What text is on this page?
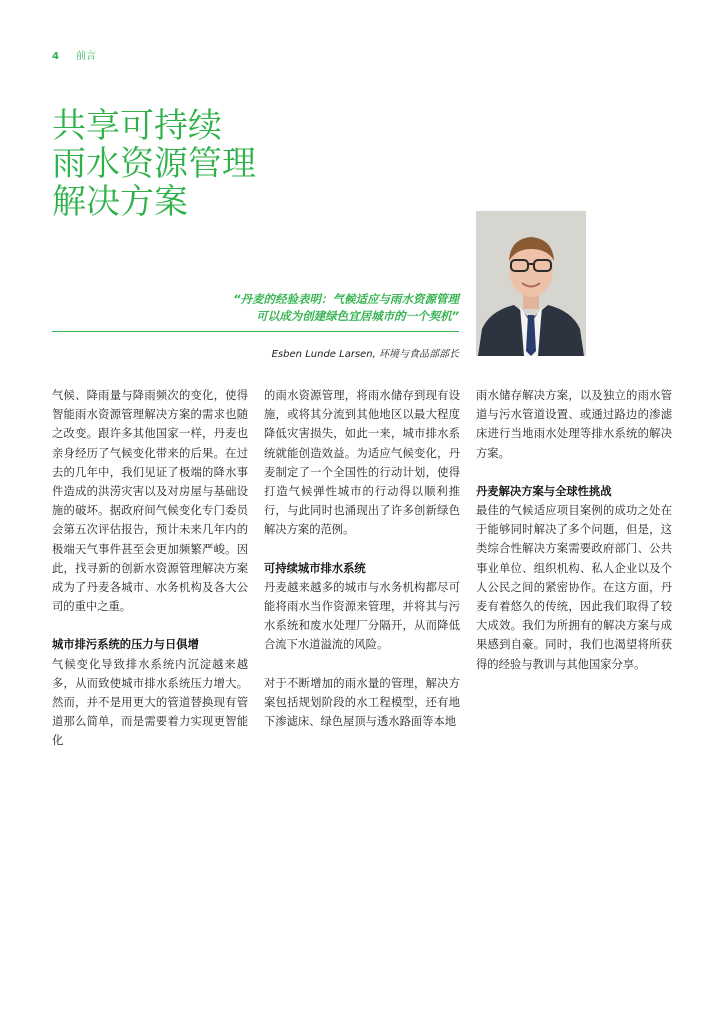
4 前言
共享可持续
雨水资源管理
解决方案
“丹麦的经验表明：气候适应与雨水资源管理
可以成为创建绿色宜居城市的一个契机”
Esben Lunde Larsen, 环境与食品部部长

气候、降雨量与降雨频次的变化，使得智能雨水资源管理解决方案的需求也随之改变。跟许多其他国家一样，丹麦也亲身经历了气候变化带来的后果。在过去的几年中，我们见证了极端的降水事件造成的洪涝灾害以及对房屋与基础设施的破坏。据政府间气候变化专门委员会第五次评估报告，预计未来几年内的极端天气事件甚至会更加频繁严峻。因此，找寻新的创新水资源管理解决方案成为了丹麦各城市、水务机构及各大公司的重中之重。

城市排污系统的压力与日俱增

气候变化导致排水系统内沉淀越来越多，从而致使城市排水系统压力增大。然而，并不是用更大的管道替换现有管道那么简单，而是需要着力实现更智能化

的雨水资源管理，将雨水储存到现有设施，或将其分流到其他地区以最大程度降低灾害损失，如此一来，城市排水系统就能创造效益。为适应气候变化，丹麦制定了一个全国性的行动计划，使得打造气候弹性城市的行动得以顺利推行，与此同时也涌现出了许多创新绿色解决方案的范例。

可持续城市排水系统

丹麦越来越多的城市与水务机构都尽可能将雨水当作资源来管理，并将其与污水系统和废水处理厂分隔开，从而降低合流下水道溢流的风险。

对于不断增加的雨水量的管理，解决方案包括规划阶段的水工程模型，还有地下渗滤床、绿色屋顶与透水路面等本地

雨水储存解决方案，以及独立的雨水管道与污水管道设置、或通过路边的渗滤床进行当地雨水处理等排水系统的解决方案。

丹麦解决方案与全球性挑战

最佳的气候适应项目案例的成功之处在于能够同时解决了多个问题，但是，这类综合性解决方案需要政府部门、公共事业单位、组织机构、私人企业以及个人公民之间的紧密协作。在这方面，丹麦有着悠久的传统，因此我们取得了较大成效。我们为所拥有的解决方案与成果感到自豪。同时，我们也渴望将所获得的经验与教训与其他国家分享。
